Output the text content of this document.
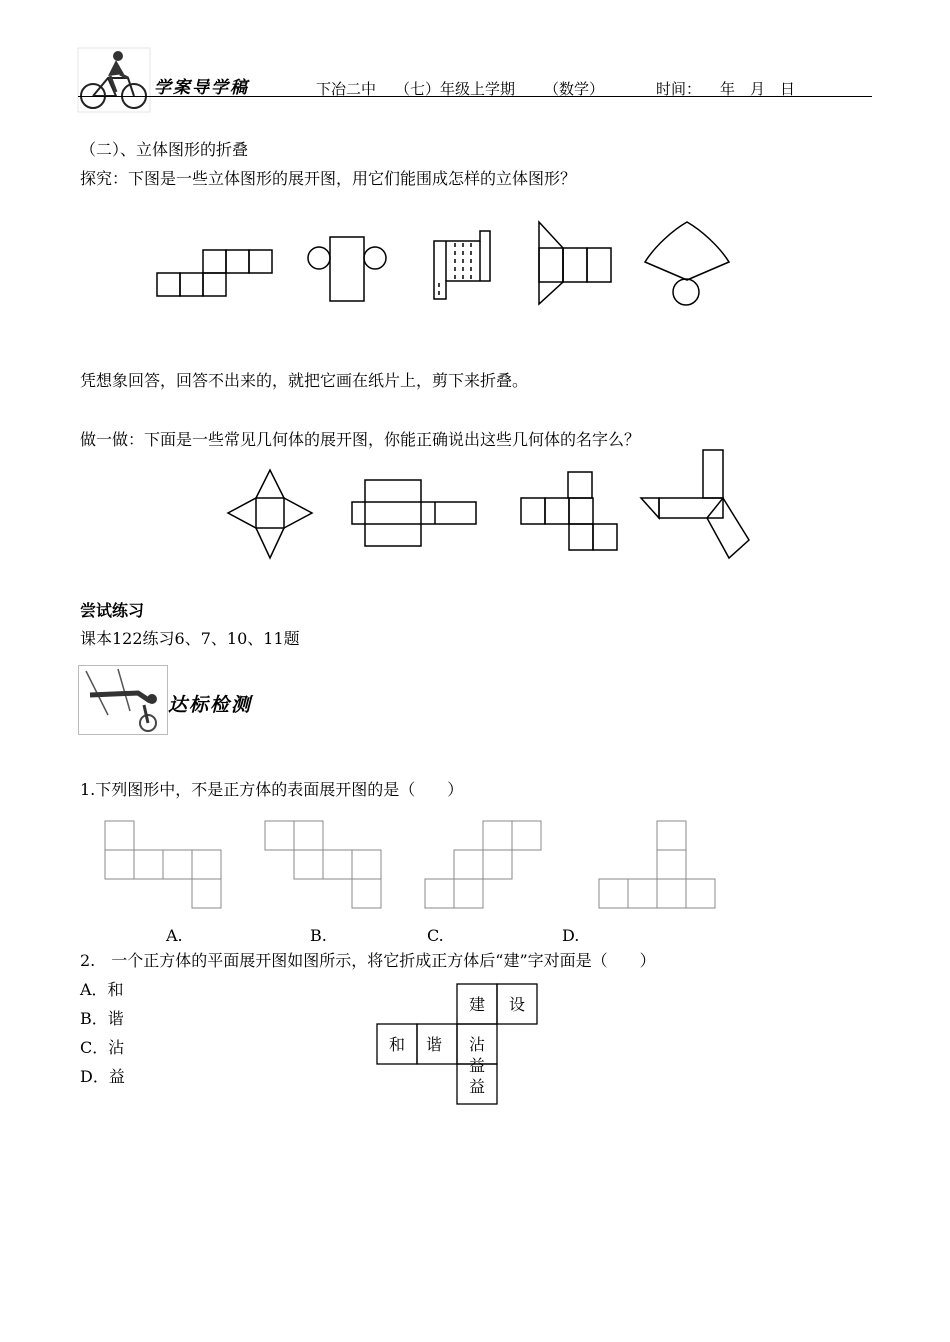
学案导学稿	下冶二中 （七）年级上学期 （数学）	时间： 年 月 日
（二）、立体图形的折叠
探究：下图是一些立体图形的展开图，用它们能围成怎样的立体图形？
凭想象回答，回答不出来的，就把它画在纸片上，剪下来折叠。
做一做：下面是一些常见几何体的展开图，你能正确说出这些几何体的名字么？
尝试练习
课本122练习6、7、10、11题
达标检测
1.下列图形中，不是正方体的表面展开图的是（　　）
A.	B.	C.	D.
2.　一个正方体的平面展开图如图所示，将它折成正方体后“建”字对面是（　　）
A．和
B．谐
C．沾
D．益
建 设
和 谐 沾
益
益
